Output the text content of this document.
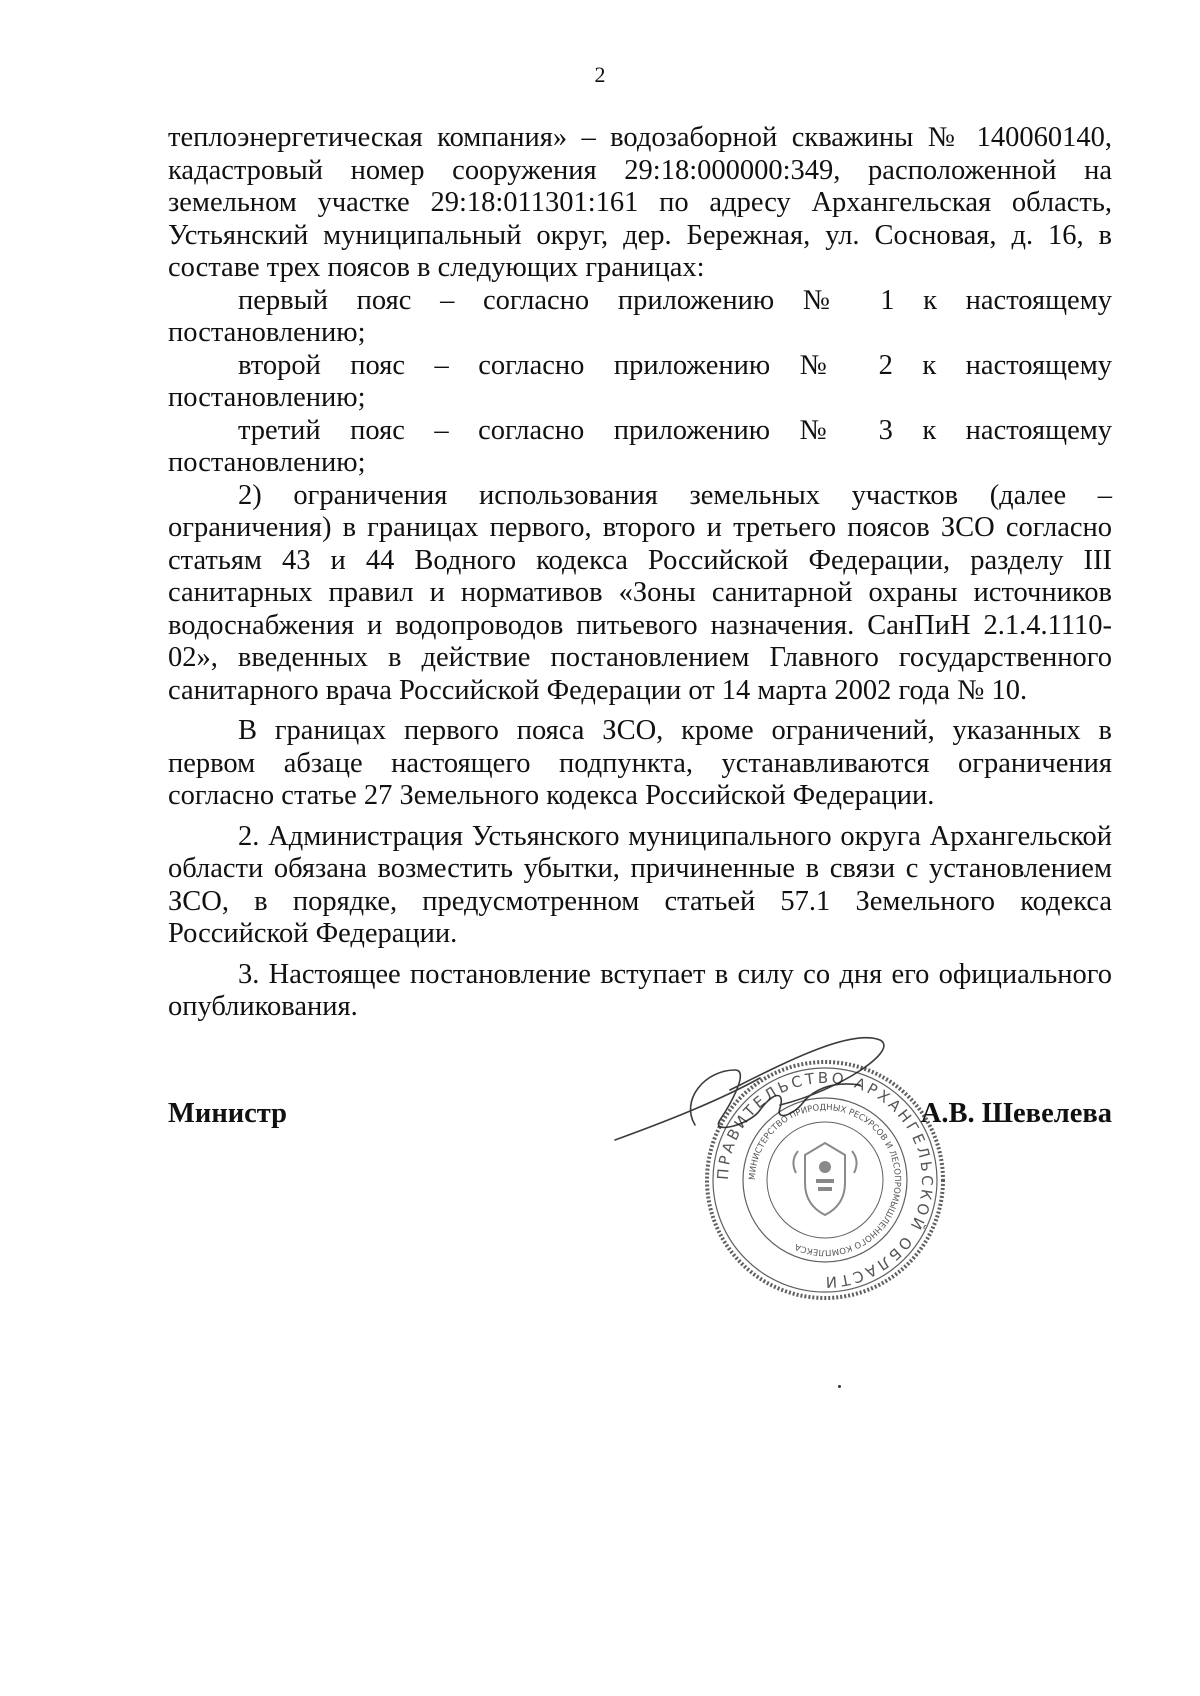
2

теплоэнергетическая компания» – водозаборной скважины № 140060140, кадастровый номер сооружения 29:18:000000:349, расположенной на земельном участке 29:18:011301:161 по адресу Архангельская область, Устьянский муниципальный округ, дер. Бережная, ул. Сосновая, д. 16, в составе трех поясов в следующих границах:

первый пояс – согласно приложению № 1 к настоящему постановлению;

второй пояс – согласно приложению № 2 к настоящему постановлению;

третий пояс – согласно приложению № 3 к настоящему постановлению;

2) ограничения использования земельных участков (далее – ограничения) в границах первого, второго и третьего поясов ЗСО согласно статьям 43 и 44 Водного кодекса Российской Федерации, разделу III санитарных правил и нормативов «Зоны санитарной охраны источников водоснабжения и водопроводов питьевого назначения. СанПиН 2.1.4.1110-02», введенных в действие постановлением Главного государственного санитарного врача Российской Федерации от 14 марта 2002 года № 10.

В границах первого пояса ЗСО, кроме ограничений, указанных в первом абзаце настоящего подпункта, устанавливаются ограничения согласно статье 27 Земельного кодекса Российской Федерации.

2. Администрация Устьянского муниципального округа Архангельской области обязана возместить убытки, причиненные в связи с установлением ЗСО, в порядке, предусмотренном статьей 57.1 Земельного кодекса Российской Федерации.

3. Настоящее постановление вступает в силу со дня его официального опубликования.

Министр	А.В. Шевелева
ПРАВИТЕЛЬСТВО АРХАНГЕЛЬСКОЙ ОБЛАСТИ
МИНИСТЕРСТВО ПРИРОДНЫХ РЕСУРСОВ И ЛЕСОПРОМЫШЛЕННОГО КОМПЛЕКСА
